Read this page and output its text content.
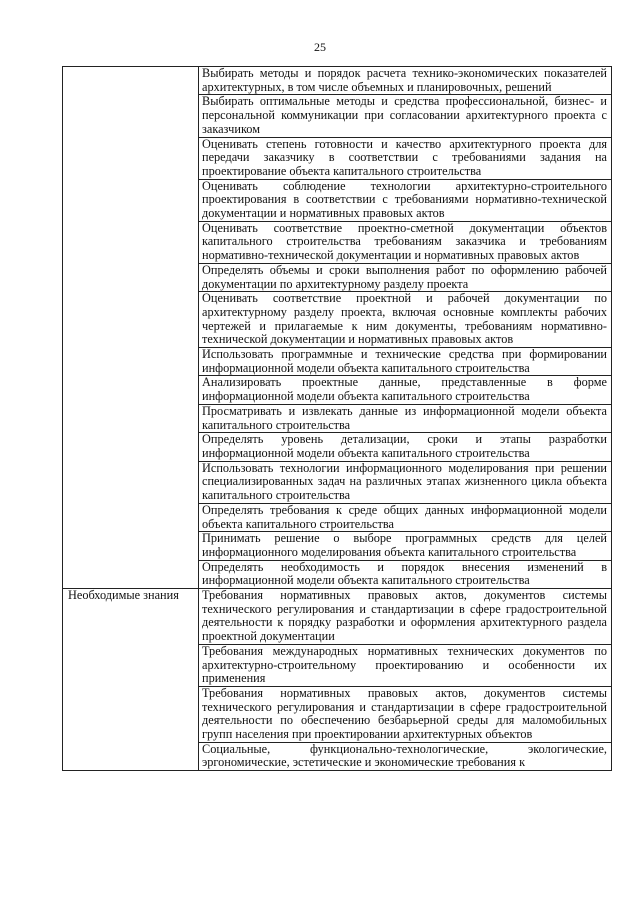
25
	Выбирать методы и порядок расчета технико-экономических показателей архитектурных, в том числе объемных и планировочных, решений
	Выбирать оптимальные методы и средства профессиональной, бизнес- и персональной коммуникации при согласовании архитектурного проекта с заказчиком
	Оценивать степень готовности и качество архитектурного проекта для передачи заказчику в соответствии с требованиями задания на проектирование объекта капитального строительства
	Оценивать соблюдение технологии архитектурно-строительного проектирования в соответствии с требованиями нормативно-технической документации и нормативных правовых актов
	Оценивать соответствие проектно-сметной документации объектов капитального строительства требованиям заказчика и требованиям нормативно-технической документации и нормативных правовых актов
	Определять объемы и сроки выполнения работ по оформлению рабочей документации по архитектурному разделу проекта
	Оценивать соответствие проектной и рабочей документации по архитектурному разделу проекта, включая основные комплекты рабочих чертежей и прилагаемые к ним документы, требованиям нормативно-технической документации и нормативных правовых актов
	Использовать программные и технические средства при формировании информационной модели объекта капитального строительства
	Анализировать проектные данные, представленные в форме информационной модели объекта капитального строительства
	Просматривать и извлекать данные из информационной модели объекта капитального строительства
	Определять уровень детализации, сроки и этапы разработки информационной модели объекта капитального строительства
	Использовать технологии информационного моделирования при решении специализированных задач на различных этапах жизненного цикла объекта капитального строительства
	Определять требования к среде общих данных информационной модели объекта капитального строительства
	Принимать решение о выборе программных средств для целей информационного моделирования объекта капитального строительства
	Определять необходимость и порядок внесения изменений в информационной модели объекта капитального строительства
Необходимые знания	Требования нормативных правовых актов, документов системы технического регулирования и стандартизации в сфере градостроительной деятельности к порядку разработки и оформления архитектурного раздела проектной документации
	Требования международных нормативных технических документов по архитектурно-строительному проектированию и особенности их применения
	Требования нормативных правовых актов, документов системы технического регулирования и стандартизации в сфере градостроительной деятельности по обеспечению безбарьерной среды для маломобильных групп населения при проектировании архитектурных объектов
	Социальные, функционально-технологические, экологические, эргономические, эстетические и экономические требования к
